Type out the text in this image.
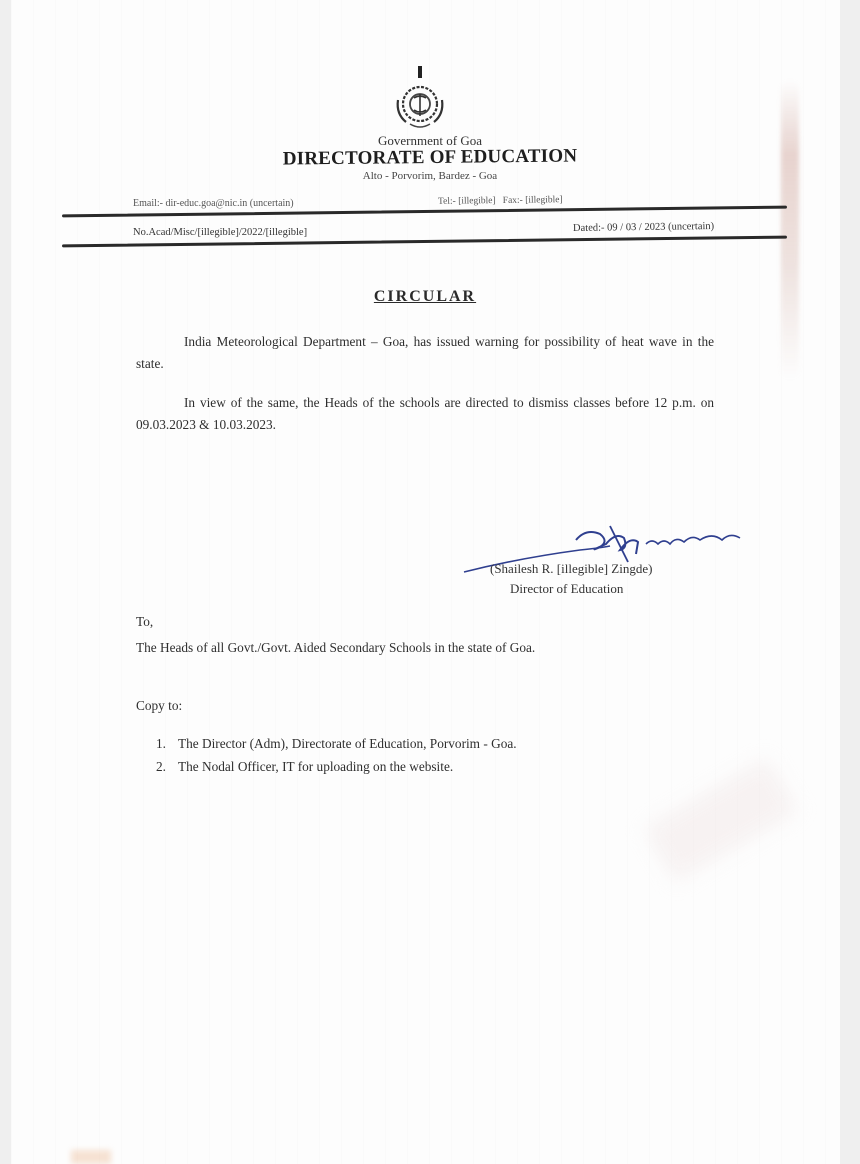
Government of Goa
DIRECTORATE OF EDUCATION
Alto - Porvorim, Bardez - Goa
Email:- dir-educ.goa@nic.in (uncertain)	Tel:- [illegible] Fax:- [illegible]
No.Acad/Misc/[illegible]/2022/[illegible]	Dated:- 09 / 03 / 2023 (uncertain)
CIRCULAR
India Meteorological Department – Goa, has issued warning for possibility of heat wave in the state.
In view of the same, the Heads of the schools are directed to dismiss classes before 12 p.m. on 09.03.2023 & 10.03.2023.
(Shailesh R. [illegible] Zingde)
Director of Education
To,
The Heads of all Govt./Govt. Aided Secondary Schools in the state of Goa.
Copy to:
1. The Director (Adm), Directorate of Education, Porvorim - Goa.
2. The Nodal Officer, IT for uploading on the website.
